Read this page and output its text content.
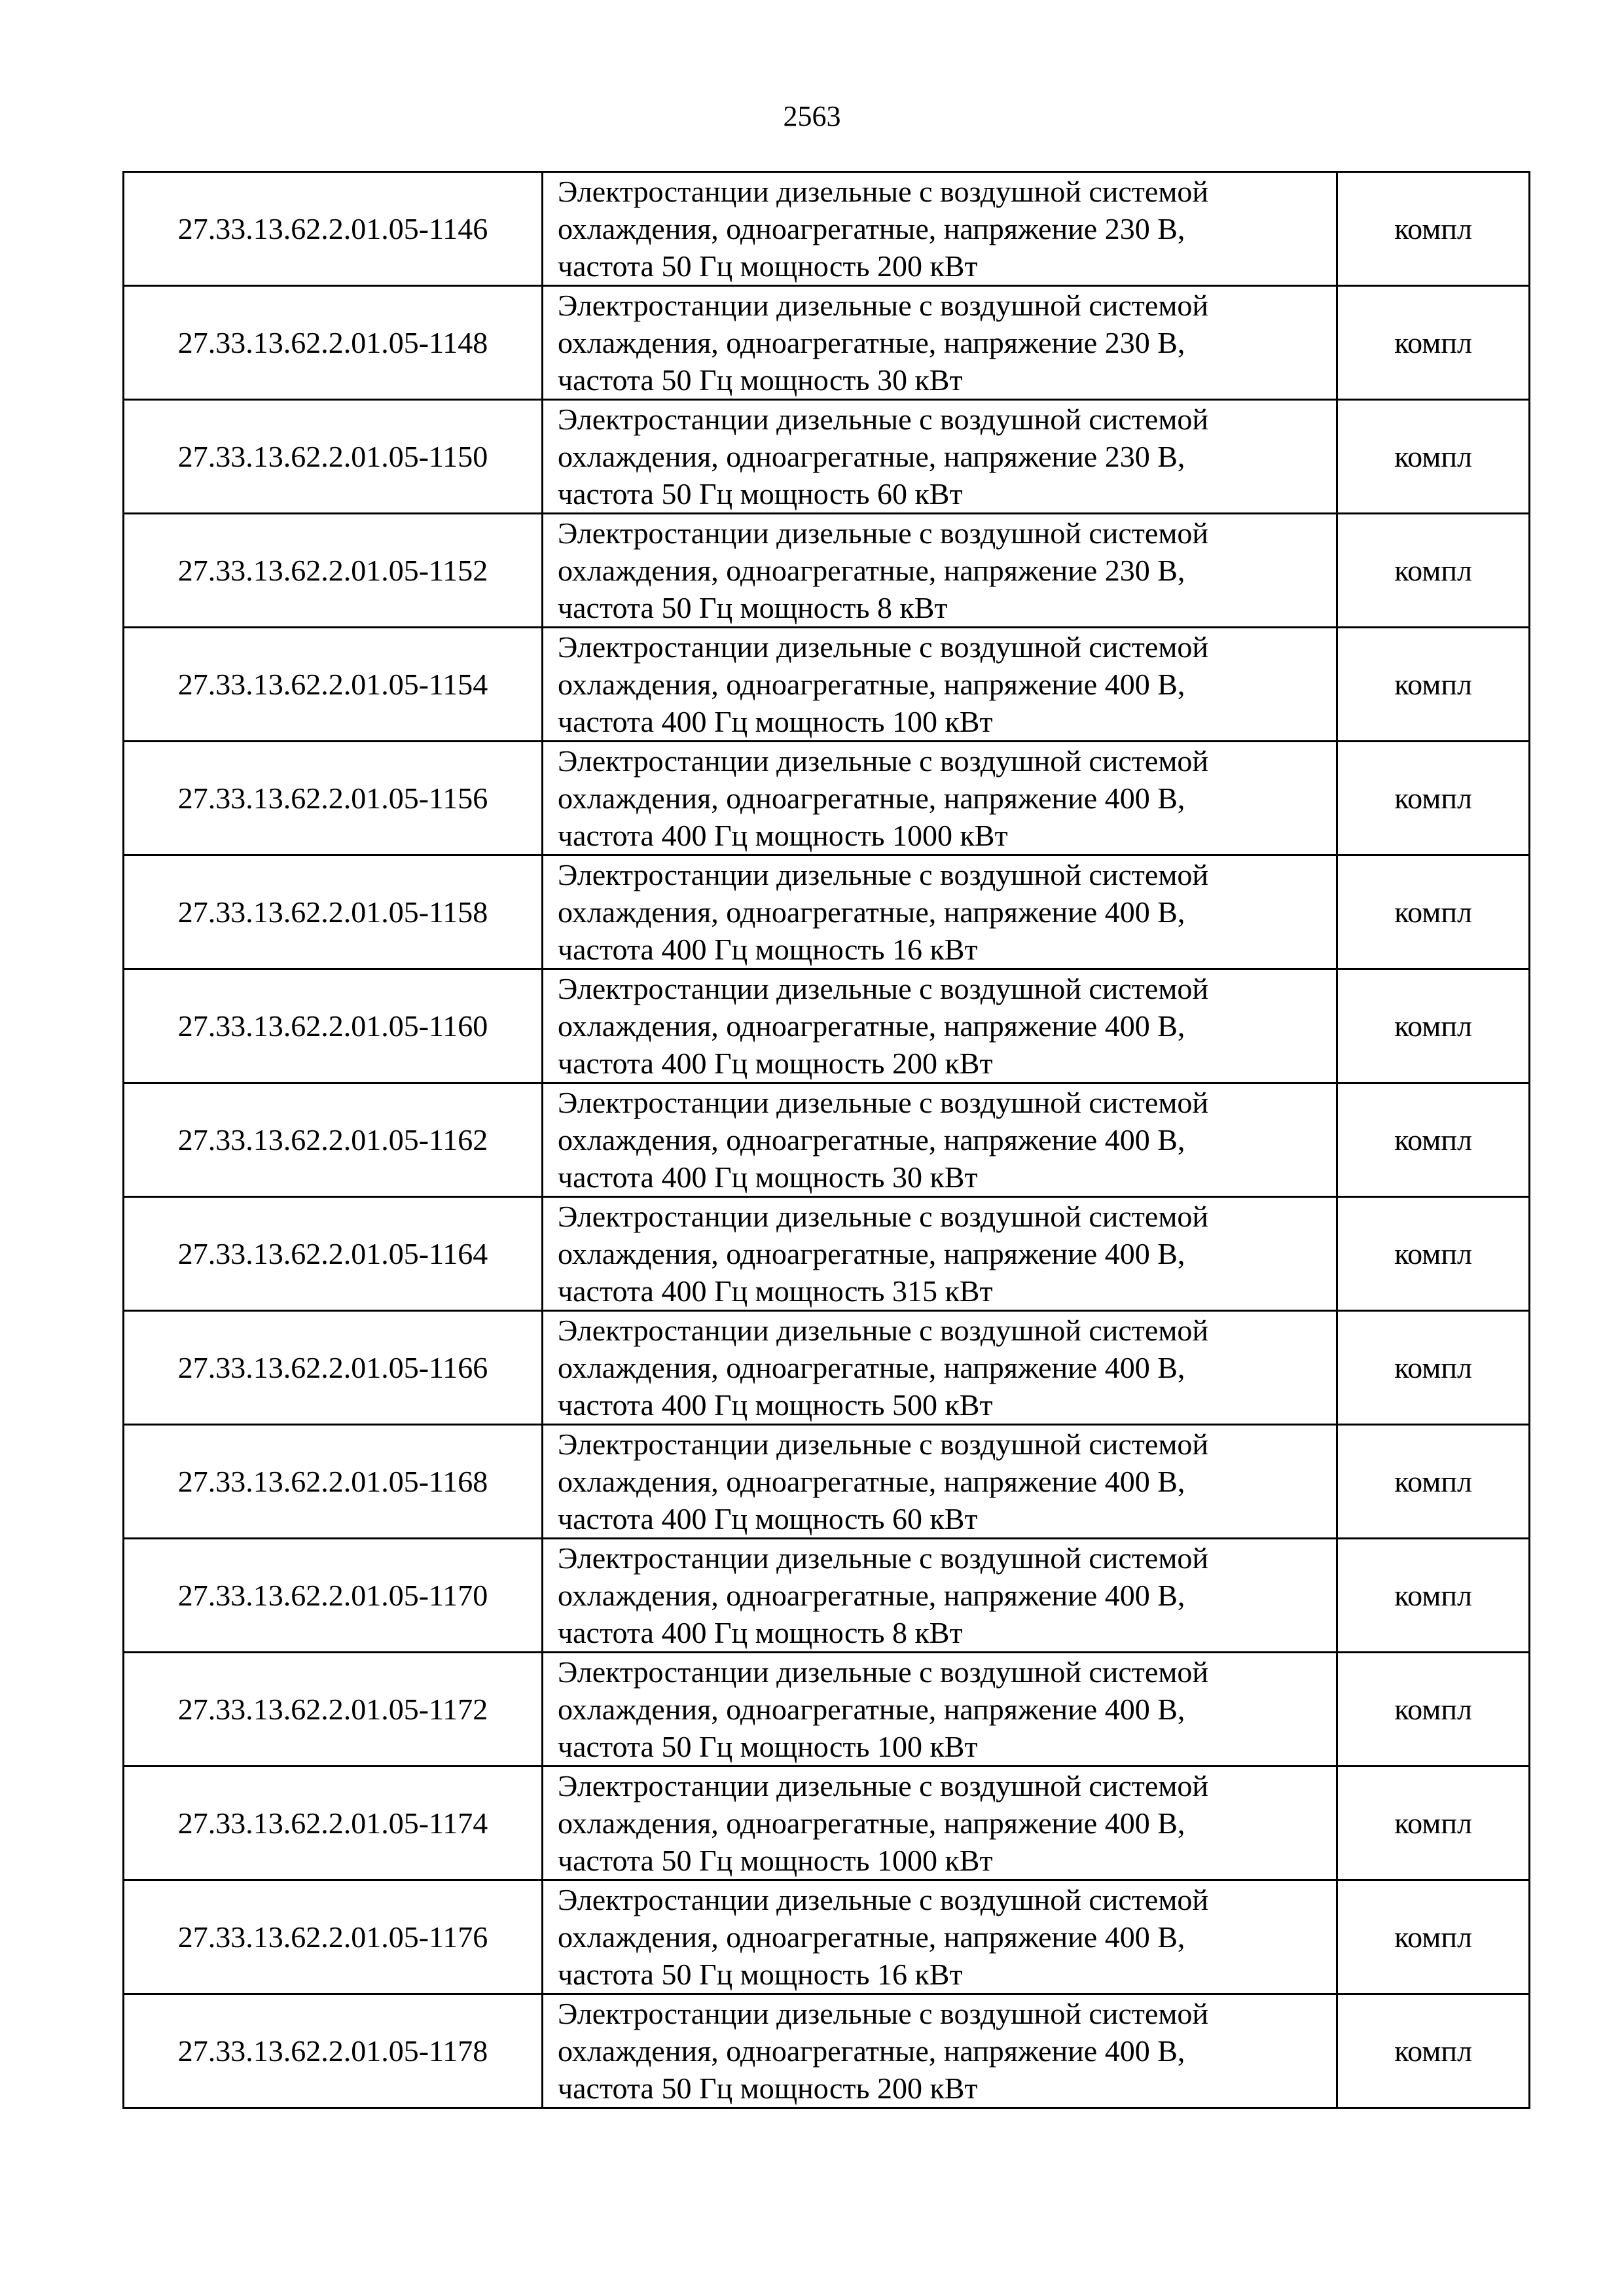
2563
27.33.13.62.2.01.05-1146	Электростанции дизельные с воздушной системой
охлаждения, одноагрегатные, напряжение 230 В,
частота 50 Гц мощность 200 кВт	компл
27.33.13.62.2.01.05-1148	Электростанции дизельные с воздушной системой
охлаждения, одноагрегатные, напряжение 230 В,
частота 50 Гц мощность 30 кВт	компл
27.33.13.62.2.01.05-1150	Электростанции дизельные с воздушной системой
охлаждения, одноагрегатные, напряжение 230 В,
частота 50 Гц мощность 60 кВт	компл
27.33.13.62.2.01.05-1152	Электростанции дизельные с воздушной системой
охлаждения, одноагрегатные, напряжение 230 В,
частота 50 Гц мощность 8 кВт	компл
27.33.13.62.2.01.05-1154	Электростанции дизельные с воздушной системой
охлаждения, одноагрегатные, напряжение 400 В,
частота 400 Гц мощность 100 кВт	компл
27.33.13.62.2.01.05-1156	Электростанции дизельные с воздушной системой
охлаждения, одноагрегатные, напряжение 400 В,
частота 400 Гц мощность 1000 кВт	компл
27.33.13.62.2.01.05-1158	Электростанции дизельные с воздушной системой
охлаждения, одноагрегатные, напряжение 400 В,
частота 400 Гц мощность 16 кВт	компл
27.33.13.62.2.01.05-1160	Электростанции дизельные с воздушной системой
охлаждения, одноагрегатные, напряжение 400 В,
частота 400 Гц мощность 200 кВт	компл
27.33.13.62.2.01.05-1162	Электростанции дизельные с воздушной системой
охлаждения, одноагрегатные, напряжение 400 В,
частота 400 Гц мощность 30 кВт	компл
27.33.13.62.2.01.05-1164	Электростанции дизельные с воздушной системой
охлаждения, одноагрегатные, напряжение 400 В,
частота 400 Гц мощность 315 кВт	компл
27.33.13.62.2.01.05-1166	Электростанции дизельные с воздушной системой
охлаждения, одноагрегатные, напряжение 400 В,
частота 400 Гц мощность 500 кВт	компл
27.33.13.62.2.01.05-1168	Электростанции дизельные с воздушной системой
охлаждения, одноагрегатные, напряжение 400 В,
частота 400 Гц мощность 60 кВт	компл
27.33.13.62.2.01.05-1170	Электростанции дизельные с воздушной системой
охлаждения, одноагрегатные, напряжение 400 В,
частота 400 Гц мощность 8 кВт	компл
27.33.13.62.2.01.05-1172	Электростанции дизельные с воздушной системой
охлаждения, одноагрегатные, напряжение 400 В,
частота 50 Гц мощность 100 кВт	компл
27.33.13.62.2.01.05-1174	Электростанции дизельные с воздушной системой
охлаждения, одноагрегатные, напряжение 400 В,
частота 50 Гц мощность 1000 кВт	компл
27.33.13.62.2.01.05-1176	Электростанции дизельные с воздушной системой
охлаждения, одноагрегатные, напряжение 400 В,
частота 50 Гц мощность 16 кВт	компл
27.33.13.62.2.01.05-1178	Электростанции дизельные с воздушной системой
охлаждения, одноагрегатные, напряжение 400 В,
частота 50 Гц мощность 200 кВт	компл
